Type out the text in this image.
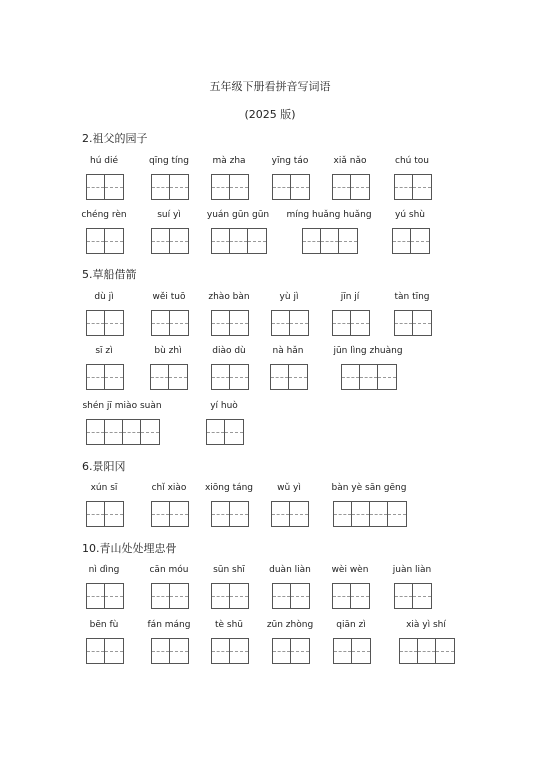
五年级下册看拼音写词语
(2025 版)
2.祖父的园子
hú dié	qīng tíng	mà zha	yīng táo	xiǎ nǎo	chú tou
chéng rèn	suí yì	yuán gūn gūn	míng huǎng huǎng	yú shù
5.草船借箭
dù jì	wěi tuō	zhào bàn	yù jì	jīn jí	tàn tīng
sī zì	bù zhì	diào dù	nà hǎn	jūn lìng zhuàng
shén jī miào suàn	yí huò
6.景阳冈
xún sī	chǐ xiào	xiōng táng	wǔ yì	bàn yè sān gēng
10.青山处处埋忠骨
nì dìng	cān móu	sūn shī	duàn liàn	wèi wèn	juàn liàn
bēn fù	fán máng	tè shū	zūn zhòng	qiān zì	xià yì shí
